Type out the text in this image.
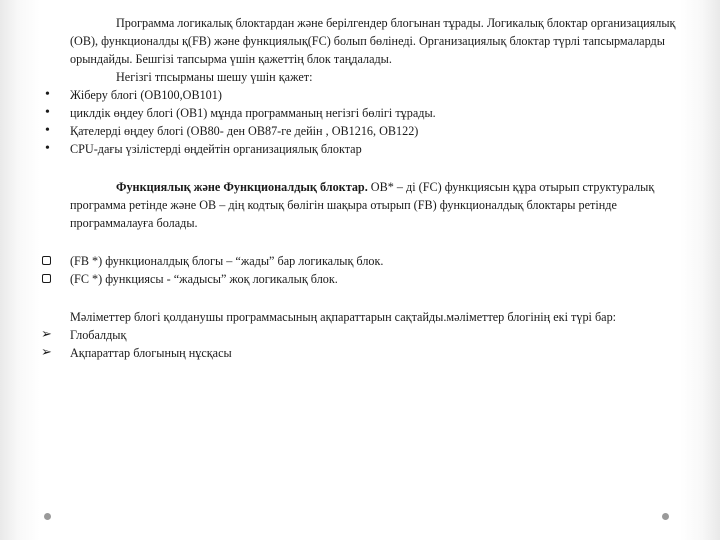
Программа логикалық блоктардан және берілгендер блогынан тұрады. Логикалық блоктар организациялық (OB), функционалды қ(FB) және функциялық(FC) болып бөлінеді. Организациялық блоктар түрлі тапсырмаларды орындайды. Бешгізі тапсырма үшін қажеттің блок таңдалады.

Негізгі тпсырманы шешу үшін қажет:

• Жіберу блогі (OB100,OB101)
• циклдік өңдеу блогі (OB1) мұнда программаның негізгі бөлігі тұрады.
• Қателерді өңдеу блогі (OB80- ден OB87-ге дейін , OB1216, OB122)
• CPU-дағы үзілістерді өңдейтін организациялық блоктар

Функциялық және Функционалдық блоктар. OB* – ді (FC) функциясын құра отырып структуралық программа ретінде және OB – дің кодтық бөлігін шақыра отырып (FB) функционалдық блоктары ретінде программалауға болады.

(FB *) функционалдық блогы – “жады” бар логикалық блок.
(FC *) функциясы - “жадысы” жоқ логикалық блок.

Мәліметтер блогі қолданушы программасының ақпараттарын сақтайды.мәліметтер блогінің екі түрі бар:

➢ Глобалдық
➢ Ақпараттар блогының нұсқасы
